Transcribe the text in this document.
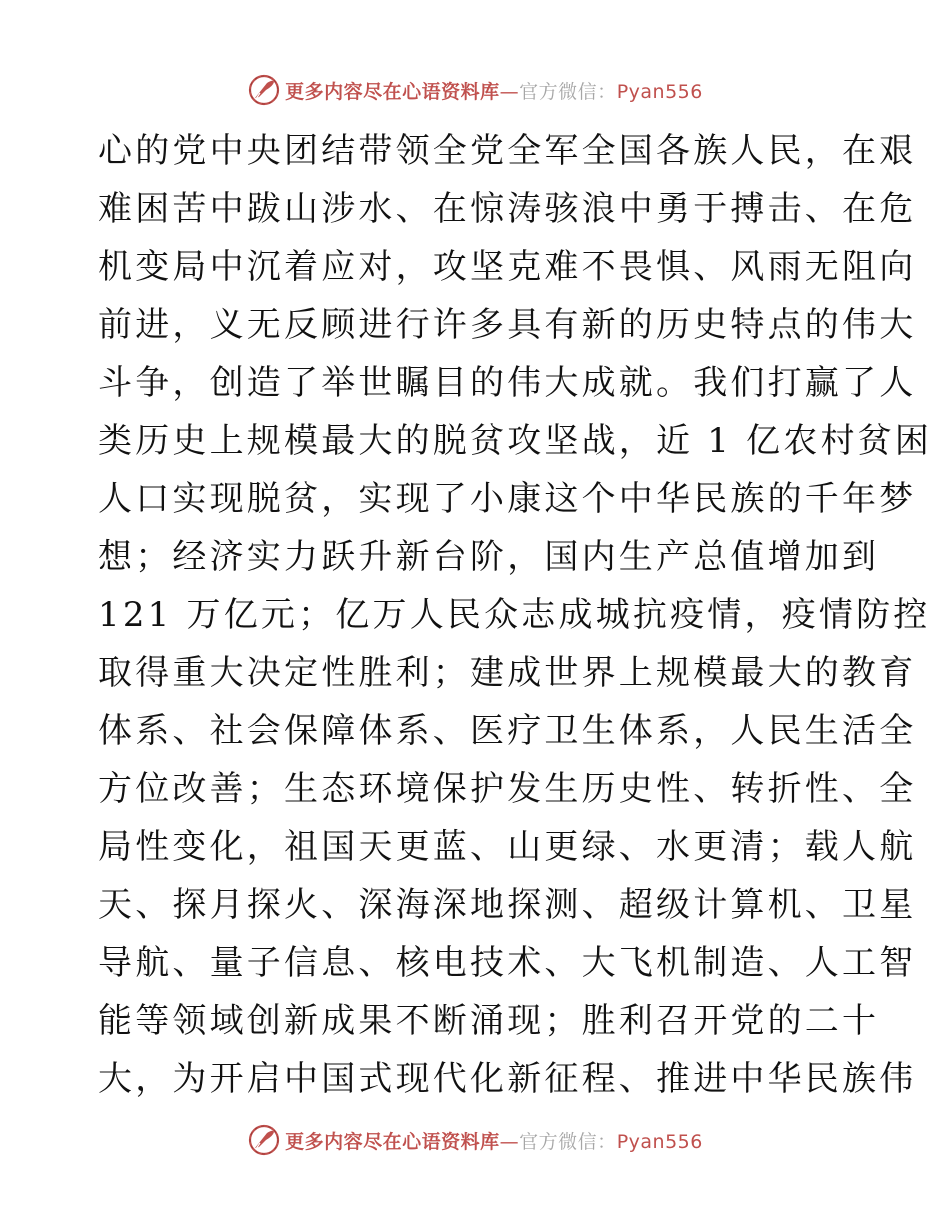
更多内容尽在心语资料库—官方微信：Pyan556
心的党中央团结带领全党全军全国各族人民，在艰
难困苦中跋山涉水、在惊涛骇浪中勇于搏击、在危
机变局中沉着应对，攻坚克难不畏惧、风雨无阻向
前进，义无反顾进行许多具有新的历史特点的伟大
斗争，创造了举世瞩目的伟大成就。我们打赢了人
类历史上规模最大的脱贫攻坚战，近 1 亿农村贫困
人口实现脱贫，实现了小康这个中华民族的千年梦
想；经济实力跃升新台阶，国内生产总值增加到
121 万亿元；亿万人民众志成城抗疫情，疫情防控
取得重大决定性胜利；建成世界上规模最大的教育
体系、社会保障体系、医疗卫生体系，人民生活全
方位改善；生态环境保护发生历史性、转折性、全
局性变化，祖国天更蓝、山更绿、水更清；载人航
天、探月探火、深海深地探测、超级计算机、卫星
导航、量子信息、核电技术、大飞机制造、人工智
能等领域创新成果不断涌现；胜利召开党的二十
大，为开启中国式现代化新征程、推进中华民族伟
更多内容尽在心语资料库—官方微信：Pyan556
